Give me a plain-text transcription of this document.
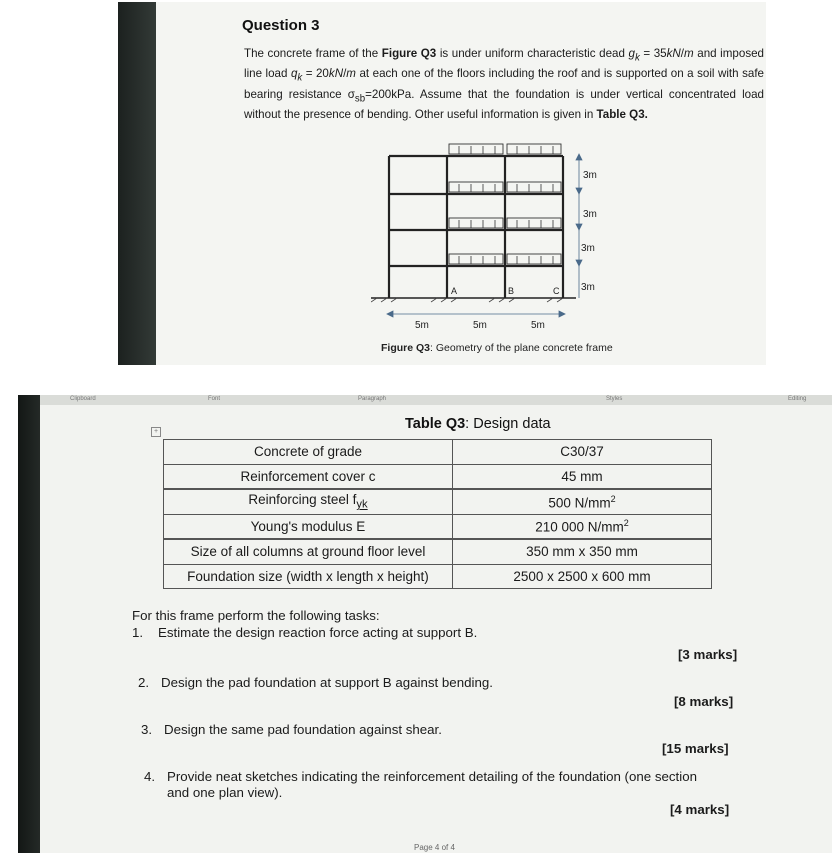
Question 3
The concrete frame of the Figure Q3 is under uniform characteristic dead $g_k = 35kN/m$ and imposed line load $q_k = 20kN/m$ at each one of the floors including the roof and is supported on a soil with safe bearing resistance $\sigma_{sb}=200kPa$. Assume that the foundation is under vertical concentrated load without the presence of bending. Other useful information is given in Table Q3.
3m
3m
3m
3m
A	B	C
5m	5m	5m
Figure Q3: Geometry of the plane concrete frame
Clipboard	Font	Paragraph	Styles	Editing
+	Table Q3: Design data
Concrete of grade	C30/37
Reinforcement cover c	45 mm
Reinforcing steel $f_{yk}$	500 $N/mm^2$
Young's modulus E	210 000 $N/mm^2$
Size of all columns at ground floor level	350 mm x 350 mm
Foundation size (width x length x height)	2500 x 2500 x 600 mm
For this frame perform the following tasks:
1. Estimate the design reaction force acting at support B.
[3 marks]
2. Design the pad foundation at support B against bending.
[8 marks]
3. Design the same pad foundation against shear.
[15 marks]
4. Provide neat sketches indicating the reinforcement detailing of the foundation (one section
and one plan view).
[4 marks]
Page 4 of 4
